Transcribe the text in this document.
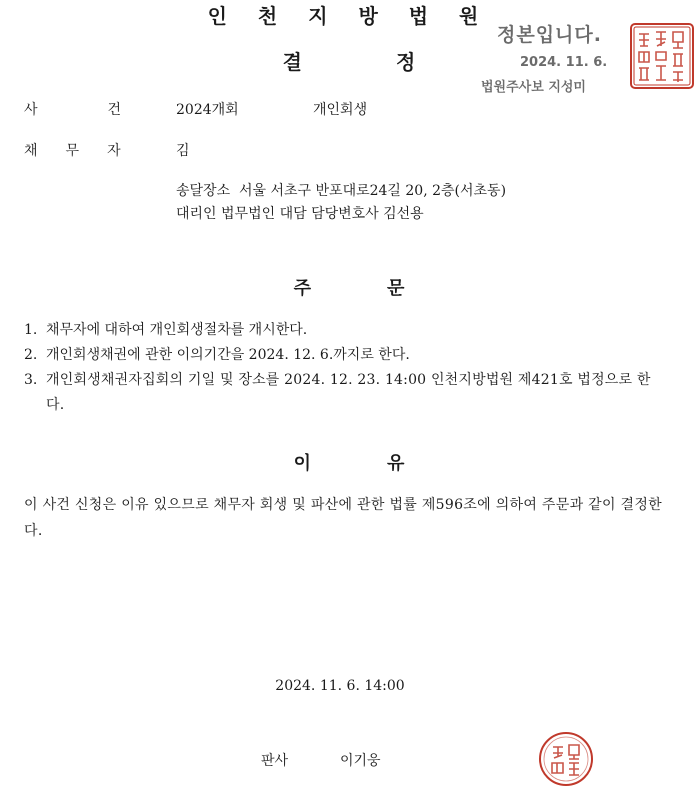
인 천 지 방 법 원
결	정
정본입니다.
2024. 11. 6.
법원주사보 지성미
사	건	2024개회	개인회생
채 무 자	김
송달장소  서울 서초구 반포대로24길 20, 2층(서초동)
대리인 법무법인 대담 담당변호사 김선용
주	문
1. 채무자에 대하여 개인회생절차를 개시한다.
2. 개인회생채권에 관한 이의기간을 2024. 12. 6.까지로 한다.
3. 개인회생채권자집회의 기일 및 장소를 2024. 12. 23. 14:00 인천지방법원 제421호 법정으로 한다.
이	유
이 사건 신청은 이유 있으므로 채무자 회생 및 파산에 관한 법률 제596조에 의하여 주문과 같이 결정한다.
2024. 11. 6. 14:00
판사	이기웅
